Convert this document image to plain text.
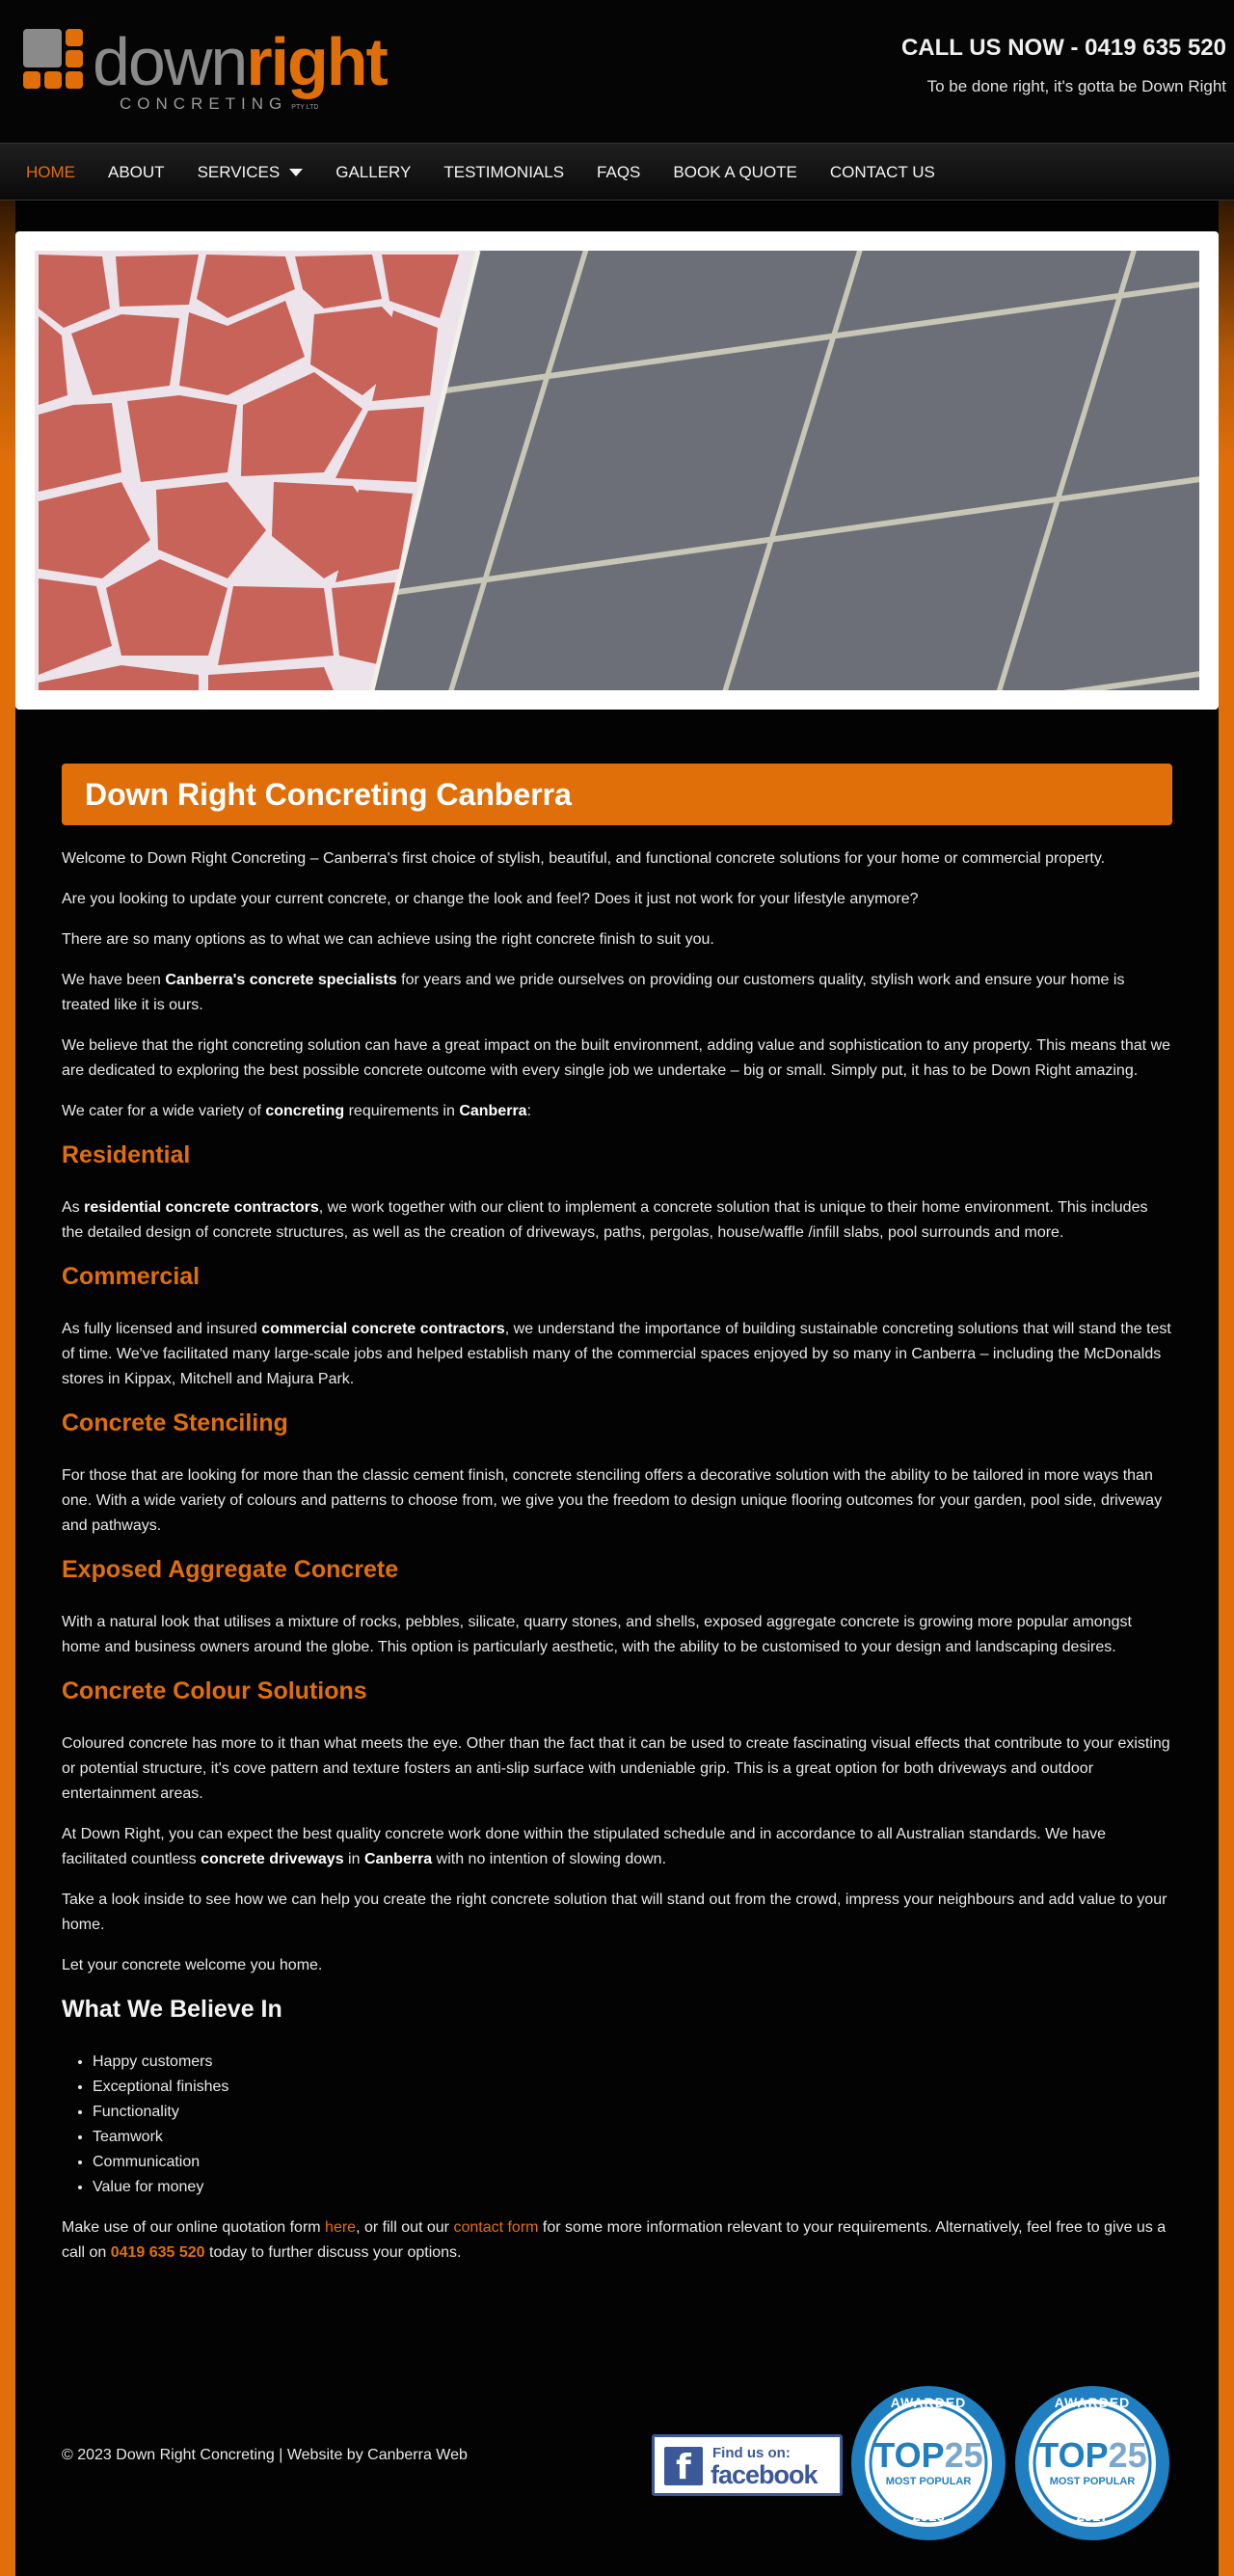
downright
CONCRETING PTY LTD
CALL US NOW - 0419 635 520
To be done right, it's gotta be Down Right
HOME ABOUT SERVICES	GALLERY TESTIMONIALS FAQS BOOK A QUOTE CONTACT US
Down Right Concreting Canberra

Welcome to Down Right Concreting – Canberra's first choice of stylish, beautiful, and functional concrete solutions for your home or commercial property.

Are you looking to update your current concrete, or change the look and feel? Does it just not work for your lifestyle anymore?

There are so many options as to what we can achieve using the right concrete finish to suit you.

We have been Canberra's concrete specialists for years and we pride ourselves on providing our customers quality, stylish work and ensure your home is treated like it is ours.

We believe that the right concreting solution can have a great impact on the built environment, adding value and sophistication to any property. This means that we are dedicated to exploring the best possible concrete outcome with every single job we undertake – big or small. Simply put, it has to be Down Right amazing.

We cater for a wide variety of concreting requirements in Canberra:

Residential

As residential concrete contractors, we work together with our client to implement a concrete solution that is unique to their home environment. This includes the detailed design of concrete structures, as well as the creation of driveways, paths, pergolas, house/waffle /infill slabs, pool surrounds and more.

Commercial

As fully licensed and insured commercial concrete contractors, we understand the importance of building sustainable concreting solutions that will stand the test of time. We've facilitated many large-scale jobs and helped establish many of the commercial spaces enjoyed by so many in Canberra – including the McDonalds stores in Kippax, Mitchell and Majura Park.

Concrete Stenciling

For those that are looking for more than the classic cement finish, concrete stenciling offers a decorative solution with the ability to be tailored in more ways than one. With a wide variety of colours and patterns to choose from, we give you the freedom to design unique flooring outcomes for your garden, pool side, driveway and pathways.

Exposed Aggregate Concrete

With a natural look that utilises a mixture of rocks, pebbles, silicate, quarry stones, and shells, exposed aggregate concrete is growing more popular amongst home and business owners around the globe. This option is particularly aesthetic, with the ability to be customised to your design and landscaping desires.

Concrete Colour Solutions

Coloured concrete has more to it than what meets the eye. Other than the fact that it can be used to create fascinating visual effects that contribute to your existing or potential structure, it's cove pattern and texture fosters an anti-slip surface with undeniable grip. This is a great option for both driveways and outdoor entertainment areas.

At Down Right, you can expect the best quality concrete work done within the stipulated schedule and in accordance to all Australian standards. We have facilitated countless concrete driveways in Canberra with no intention of slowing down.

Take a look inside to see how we can help you create the right concrete solution that will stand out from the crowd, impress your neighbours and add value to your home.

Let your concrete welcome you home.

What We Believe In
• Happy customers
• Exceptional finishes
• Functionality
• Teamwork
• Communication
• Value for money

Make use of our online quotation form here, or fill out our contact form for some more information relevant to your requirements. Alternatively, feel free to give us a call on 0419 635 520 today to further discuss your options.

© 2023 Down Right Concreting | Website by Canberra Web	f	Find us on:
facebook
AWARDED
TOP25
MOST POPULAR
2016
AWARDED
TOP25
MOST POPULAR
2017
